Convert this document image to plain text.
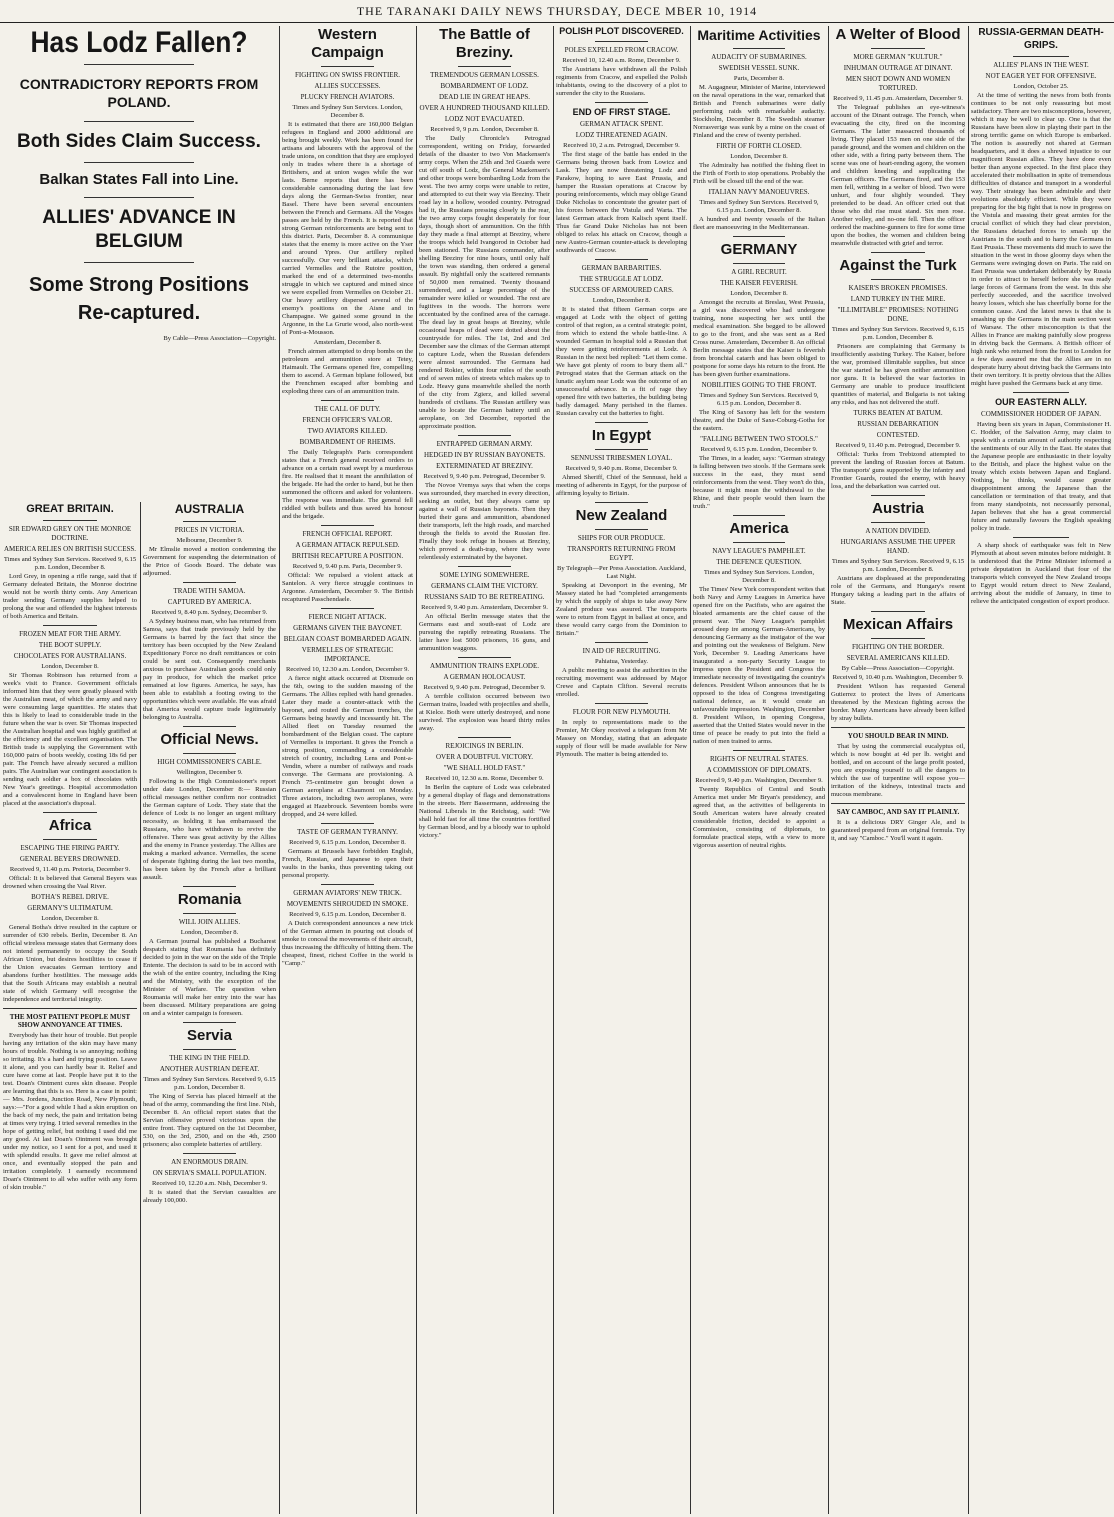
THE TARANAKI DAILY NEWS THURSDAY, DECE MBER 10, 1914
Has Lodz Fallen?
CONTRADICTORY REPORTS FROM POLAND.
Both Sides Claim Success.
Balkan States Fall into Line.
ALLIES' ADVANCE IN BELGIUM
Some Strong Positions Re-captured.
By Cable—Press Association—Copyright.
GREAT BRITAIN.
SIR EDWARD GREY ON THE MONROE DOCTRINE.
AMERICA RELIES ON BRITISH SUCCESS.
Times and Sydney Sun Services. Received 9, 6.15 p.m. London, December 8.

Lord Grey, in opening a rifle range, said that if Germany defeated Britain, the Monroe doctrine would not be worth thirty cents. Any American trader sending Germany supplies helped to prolong the war and offended the highest interests of both America and Britain.

FROZEN MEAT FOR THE ARMY.
THE BOOT SUPPLY.
CHOCOLATES FOR AUSTRALIANS.
London, December 8.

Sir Thomas Robinson has returned from a week's visit to France. Government officials informed him that they were greatly pleased with the Australian meat, of which the army and navy were consuming large quantities. He states that this is likely to lead to considerable trade in the future when the war is over. Sir Thomas inspected the Australian hospital and was highly gratified at the efficiency and the excellent organisation. The British trade is supplying the Government with 160,000 pairs of boots weekly, costing 18s 6d per pair. The French have already secured a million pairs. The Australian war contingent association is sending each soldier a box of chocolates with New Year's greetings. Hospital accommodation and a convalescent home in England have been placed at the association's disposal.

Africa
ESCAPING THE FIRING PARTY.
GENERAL BEYERS DROWNED.
Received 9, 11.40 p.m. Pretoria, December 9.

Official: It is believed that General Beyers was drowned when crossing the Vaal River.

BOTHA'S REBEL DRIVE.
GERMANY'S ULTIMATUM.
London, December 8.

General Botha's drive resulted in the capture or surrender of 630 rebels. Berlin, December 8. An official wireless message states that Germany does not intend permanently to occupy the South African Union, but desires hostilities to cease if the Union evacuates German territory and abandons further hostilities. The message adds that the South Africans may establish a neutral state of which Germany will recognise the independence and territorial integrity.

THE MOST PATIENT PEOPLE MUST SHOW ANNOYANCE AT TIMES.

Everybody has their hour of trouble. But people having any irritation of the skin may have many hours of trouble. Nothing is so annoying; nothing so irritating. It's a hard and trying position. Leave it alone, and you can hardly bear it. Relief and cure have come at last. People have put it to the test. Doan's Ointment cures skin disease. People are learning that this is so. Here is a case in point:— Mrs. Jordens, Junction Road, New Plymouth, says:—"For a good while I had a skin eruption on the back of my neck, the pain and irritation being at times very trying. I tried several remedies in the hope of getting relief, but nothing I used did me any good. At last Doan's Ointment was brought under my notice, so I sent for a pot, and used it with splendid results. It gave me relief almost at once, and eventually stopped the pain and irritation completely. I earnestly recommend Doan's Ointment to all who suffer with any form of skin trouble."

AUSTRALIA
PRICES IN VICTORIA.
Melbourne, December 9.

Mr Elmslie moved a motion condemning the Government for suspending the determination of the Price of Goods Board. The debate was adjourned.

TRADE WITH SAMOA.
CAPTURED BY AMERICA.
Received 9, 8.40 p.m. Sydney, December 9.

A Sydney business man, who has returned from Samoa, says that trade previously held by the Germans is barred by the fact that since the territory has been occupied by the New Zealand Expeditionary Force no draft remittances or coin could be sent out. Consequently merchants anxious to purchase Australian goods could only pay in produce, for which the market price remained at low figures. America, he says, has been able to establish a footing owing to the opportunities which were available. He was afraid that America would capture trade legitimately belonging to Australia.

Official News.
HIGH COMMISSIONER'S CABLE.
Wellington, December 9.

Following is the High Commissioner's report under date London, December 8:— Russian official messages neither confirm nor contradict the German capture of Lodz. They state that the defence of Lodz is no longer an urgent military necessity, as holding it has embarrassed the Russians, who have withdrawn to revive the offensive. There was great activity by the Allies and the enemy in France yesterday. The Allies are making a marked advance. Vermelles, the scene of desperate fighting during the last two months, has been taken by the French after a brilliant assault.

Romania
WILL JOIN ALLIES.
London, December 8.

A German journal has published a Bucharest despatch stating that Roumania has definitely decided to join in the war on the side of the Triple Entente. The decision is said to be in accord with the wish of the entire country, including the King and the Ministry, with the exception of the Minister of Warfare. The question when Roumania will make her entry into the war has been discussed. Military preparations are going on and a winter campaign is foreseen.

Servia
THE KING IN THE FIELD.
ANOTHER AUSTRIAN DEFEAT.
Times and Sydney Sun Services. Received 9, 6.15 p.m. London, December 8.

The King of Servia has placed himself at the head of the army, commanding the first line. Nish, December 8. An official report states that the Servian offensive proved victorious upon the entire front. They captured on the 1st December, 530, on the 3rd, 2500, and on the 4th, 2500 prisoners; also complete batteries of artillery.

AN ENORMOUS DRAIN.
ON SERVIA'S SMALL POPULATION.
Received 10, 12.20 a.m. Nish, December 9.

It is stated that the Servian casualties are already 100,000.

Western Campaign
FIGHTING ON SWISS FRONTIER.
ALLIES SUCCESSES.
PLUCKY FRENCH AVIATORS.
Times and Sydney Sun Services. London, December 8.

It is estimated that there are 160,000 Belgian refugees in England and 2000 additional are being brought weekly. Work has been found for artisans and labourers with the approval of the trade unions, on condition that they are employed only in trades where there is a shortage of Britishers, and at union wages while the war lasts. Berne reports that there has been considerable cannonading during the last few days along the German-Swiss frontier, near Basel. There have been several encounters between the French and Germans. All the Vosges passes are held by the French. It is reported that strong German reinforcements are being sent to this district. Paris, December 8. A communique states that the enemy is more active on the Yser and around Ypres. Our artillery replied successfully. Our very brilliant attacks, which carried Vermelles and the Rutoire position, marked the end of a determined two-months struggle in which we captured and mined since we were expelled from Vermelles on October 21. Our heavy artillery dispersed several of the enemy's positions on the Aisne and in Champagne. We gained some ground in the Argonne, in the La Grurie wood, also north-west of Pont-a-Mousson.

Amsterdam, December 8.

French airmen attempted to drop bombs on the petroleum and ammunition store at Tetey, Haimault. The Germans opened fire, compelling them to ascend. A German biplane followed, but the Frenchmen escaped after bombing and exploding three cars of an ammunition train.

THE CALL OF DUTY.
FRENCH OFFICER'S VALOR.
TWO AVIATORS KILLED.
BOMBARDMENT OF RHEIMS.

The Daily Telegraph's Paris correspondent states that a French general received orders to advance on a certain road swept by a murderous fire. He realised that it meant the annihilation of the brigade. He had the order to hand, but he then summoned the officers and asked for volunteers. The response was immediate. The general fell riddled with bullets and thus saved his honour and the brigade.

FRENCH OFFICIAL REPORT.
A GERMAN ATTACK REPULSED.
BRITISH RECAPTURE A POSITION.
Received 9, 9.40 p.m. Paris, December 9.

Official: We repulsed a violent attack at Santelon. A very fierce struggle continues in Argonne. Amsterdam, December 9. The British recaptured Passchendaele.

FIERCE NIGHT ATTACK.
GERMANS GIVEN THE BAYONET.
BELGIAN COAST BOMBARDED AGAIN.
VERMELLES OF STRATEGIC IMPORTANCE.
Received 10, 12.30 a.m. London, December 9.

A fierce night attack occurred at Dixmude on the 6th, owing to the sudden massing of the Germans. The Allies replied with hand grenades. Later they made a counter-attack with the bayonet, and routed the German trenches, the Germans being heavily and incessantly hit. The Allied fleet on Tuesday resumed the bombardment of the Belgian coast. The capture of Vermelles is important. It gives the French a strong position, commanding a considerable stretch of country, including Lens and Pont-a-Vendin, where a number of railways and roads converge. The Germans are provisioning. A French 75-centimetre gun brought down a German aeroplane at Chaumont on Monday. Three aviators, including two aeroplanes, were engaged at Hazebrouck. Seventeen bombs were dropped, and 24 were killed.

TASTE OF GERMAN TYRANNY.
Received 9, 6.15 p.m. London, December 8.

Germans at Brussels have forbidden English, French, Russian, and Japanese to open their vaults in the banks, thus preventing taking out personal property.

GERMAN AVIATORS' NEW TRICK.
MOVEMENTS SHROUDED IN SMOKE.
Received 9, 6.15 p.m. London, December 8.

A Dutch correspondent announces a new trick of the German airmen in pouring out clouds of smoke to conceal the movements of their aircraft, thus increasing the difficulty of hitting them. The cheapest, finest, richest Coffee in the world is "Camp."

The Battle of Breziny.
TREMENDOUS GERMAN LOSSES.
BOMBARDMENT OF LODZ.
DEAD LIE IN GREAT HEAPS.
OVER A HUNDRED THOUSAND KILLED.
LODZ NOT EVACUATED.
Received 9, 9 p.m. London, December 8.

The Daily Chronicle's Petrograd correspondent, writing on Friday, forwarded details of the disaster to two Von Mackensen's army corps. When the 25th and 3rd Guards were cut off south of Lodz, the General Mackensen's and other troops were bombarding Lodz from the west. The two army corps were unable to retire, and attempted to cut their way via Breziny. Their road lay in a hollow, wooded country. Petrograd had it, the Russians pressing closely in the rear, the two army corps fought desperately for four days, though short of ammunition. On the fifth day they made a final attempt at Breziny, where the troops which held Ivangorod in October had been stationed. The Russians commander, after shelling Breziny for nine hours, until only half the town was standing, then ordered a general assault. By nightfall only the scattered remnants of 50,000 men remained. Twenty thousand surrendered, and a large percentage of the remainder were killed or wounded. The rest are fugitives in the woods. The horrors were accentuated by the confined area of the carnage. The dead lay in great heaps at Breziny, while occasional heaps of dead were dotted about the countryside for miles. The 1st, 2nd and 3rd December saw the climax of the German attempt to capture Lodz, when the Russian defenders were almost surrounded. The Germans had rendered Rokier, within four miles of the south end of seven miles of streets which makes up to Lodz. Heavy guns meanwhile shelled the north of the city from Zgierz, and killed several hundreds of civilians. The Russian artillery was unable to locate the German battery until an aeroplane, on 3rd December, reported the approximate position.

ENTRAPPED GERMAN ARMY.
HEDGED IN BY RUSSIAN BAYONETS.
EXTERMINATED AT BREZINY.
Received 9, 9.40 p.m. Petrograd, December 9.

The Novoe Vremya says that when the corps was surrounded, they marched in every direction, seeking an outlet, but they always came up against a wall of Russian bayonets. Then they buried their guns and ammunition, abandoned their transports, left the high roads, and marched through the fields to avoid the Russian fire. Finally they took refuge in houses at Breziny, which proved a death-trap, where they were relentlessly exterminated by the bayonet.

SOME LYING SOMEWHERE.
GERMANS CLAIM THE VICTORY.
RUSSIANS SAID TO BE RETREATING.
Received 9, 9.40 p.m. Amsterdam, December 9.

An official Berlin message states that the Germans east and south-east of Lodz are pursuing the rapidly retreating Russians. The latter have lost 5000 prisoners, 16 guns, and ammunition waggons.

AMMUNITION TRAINS EXPLODE.
A GERMAN HOLOCAUST.
Received 9, 9.40 p.m. Petrograd, December 9.

A terrible collision occurred between two German trains, loaded with projectiles and shells, at Kielce. Both were utterly destroyed, and none survived. The explosion was heard thirty miles away.

REJOICINGS IN BERLIN.
OVER A DOUBTFUL VICTORY.
"WE SHALL HOLD FAST."
Received 10, 12.30 a.m. Rome, December 9.

In Berlin the capture of Lodz was celebrated by a general display of flags and demonstrations in the streets. Herr Bassermann, addressing the National Liberals in the Reichstag, said: "We shall hold fast for all time the countries fortified by German blood, and by a bloody war to uphold victory."

POLISH PLOT DISCOVERED.
POLES EXPELLED FROM CRACOW.
Received 10, 12.40 a.m. Rome, December 9.

The Austrians have withdrawn all the Polish regiments from Cracow, and expelled the Polish inhabitants, owing to the discovery of a plot to surrender the city to the Russians.

END OF FIRST STAGE.
GERMAN ATTACK SPENT.
LODZ THREATENED AGAIN.
Received 10, 2 a.m. Petrograd, December 9.

The first stage of the battle has ended in the Germans being thrown back from Lowicz and Lask. They are now threatening Lodz and Parakow, hoping to save East Prussia, and hamper the Russian operations at Cracow by pouring reinforcements, which may oblige Grand Duke Nicholas to concentrate the greater part of his forces between the Vistula and Warta. The latest German attack from Kalisch spent itself. Thus far Grand Duke Nicholas has not been obliged to relax his attack on Cracow, though a new Austro-German counter-attack is developing southwards of Cracow.

GERMAN BARBARITIES.
THE STRUGGLE AT LODZ.
SUCCESS OF ARMOURED CARS.
London, December 8.

It is stated that fifteen German corps are engaged at Lodz with the object of getting control of that region, as a central strategic point, from which to extend the whole battle-line. A wounded German in hospital told a Russian that they were getting reinforcements at Lodz. A Russian in the next bed replied: "Let them come. We have got plenty of room to bury them all." Petrograd states that the German attack on the lunatic asylum near Lodz was the outcome of an unsuccessful advance. In a fit of rage they opened fire with two batteries, the building being badly damaged. Many perished in the flames. Russian cavalry cut the batteries to fight.

In Egypt
SENNUSSI TRIBESMEN LOYAL.
Received 9, 9.40 p.m. Rome, December 9.

Ahmed Sheriff, Chief of the Sennussi, held a meeting of adherents in Egypt, for the purpose of affirming loyalty to Britain.

New Zealand
SHIPS FOR OUR PRODUCE.
TRANSPORTS RETURNING FROM EGYPT.
By Telegraph—Per Press Association. Auckland, Last Night.

Speaking at Devonport in the evening, Mr Massey stated he had "completed arrangements by which the supply of ships to take away New Zealand produce was assured. The transports were to return from Egypt in ballast at once, and these would carry cargo from the Dominion to Britain."

IN AID OF RECRUITING.
Pahiatua, Yesterday.

A public meeting to assist the authorities in the recruiting movement was addressed by Major Crewe and Captain Clifton. Several recruits enrolled.

FLOUR FOR NEW PLYMOUTH.

In reply to representations made to the Premier, Mr Okey received a telegram from Mr Massey on Monday, stating that an adequate supply of flour will be made available for New Plymouth. The matter is being attended to.

Maritime Activities
AUDACITY OF SUBMARINES.
SWEDISH VESSEL SUNK.
Paris, December 8.

M. Augagneur, Minister of Marine, interviewed on the naval operations in the war, remarked that British and French submarines were daily performing raids with remarkable audacity. Stockholm, December 8. The Swedish steamer Norrasverige was sunk by a mine on the coast of Finland and the crew of twenty perished.

FIRTH OF FORTH CLOSED.
London, December 8.

The Admiralty has notified the fishing fleet in the Firth of Forth to stop operations. Probably the Firth will be closed till the end of the war.

ITALIAN NAVY MANOEUVRES.
Times and Sydney Sun Services. Received 9, 6.15 p.m. London, December 8.

A hundred and twenty vessels of the Italian fleet are manoeuvring in the Mediterranean.

GERMANY
A GIRL RECRUIT.
THE KAISER FEVERISH.
London, December 8.

Amongst the recruits at Breslau, West Prussia, a girl was discovered who had undergone training, none suspecting her sex until the medical examination. She begged to be allowed to go to the front, and she was sent as a Red Cross nurse. Amsterdam, December 8. An official Berlin message states that the Kaiser is feverish from bronchial catarrh and has been obliged to postpone for some days his return to the front. He has been given further examinations.

NOBILITIES GOING TO THE FRONT.
Times and Sydney Sun Services. Received 9, 6.15 p.m. London, December 8.

The King of Saxony has left for the western theatre, and the Duke of Saxe-Coburg-Gotha for the eastern.

"FALLING BETWEEN TWO STOOLS."
Received 9, 6.15 p.m. London, December 9.

The Times, in a leader, says: "German strategy is falling between two stools. If the Germans seek success in the east, they must send reinforcements from the west. They won't do this, because it might mean the withdrawal to the Rhine, and their people would then learn the truth."

America
NAVY LEAGUE'S PAMPHLET.
THE DEFENCE QUESTION.
Times and Sydney Sun Services. London, December 8.

The Times' New York correspondent writes that both Navy and Army Leagues in America have opened fire on the Pacifists, who are against the bloated armaments are the chief cause of the present war. The Navy League's pamphlet aroused deep ire among German-Americans, by denouncing Germany as the instigator of the war and pointing out the weakness of Belgium. New York, December 9. Leading Americans have inaugurated a non-party Security League to impress upon the President and Congress the immediate necessity of investigating the country's defences. President Wilson announces that he is opposed to the idea of Congress investigating national defence, as it would create an unfavourable impression. Washington, December 8. President Wilson, in opening Congress, asserted that the United States would never in the time of peace be ready to put into the field a nation of men trained to arms.

RIGHTS OF NEUTRAL STATES.
A COMMISSION OF DIPLOMATS.
Received 9, 9.40 p.m. Washington, December 9.

Twenty Republics of Central and South America met under Mr Bryan's presidency, and agreed that, as the activities of belligerents in South American waters have already created considerable friction, decided to appoint a Commission, consisting of diplomats, to formulate practical steps, with a view to more vigorous assertion of neutral rights.

A Welter of Blood
MORE GERMAN "KULTUR."
INHUMAN OUTRAGE AT DINANT.
MEN SHOT DOWN AND WOMEN TORTURED.
Received 9, 11.45 p.m. Amsterdam, December 9.

The Telegraaf publishes an eye-witness's account of the Dinant outrage. The French, when evacuating the city, fired on the incoming Germans. The latter massacred thousands of living. They placed 153 men on one side of the parade ground, and the women and children on the other side, with a firing party between them. The scene was one of heart-rending agony, the women and children kneeling and supplicating the German officers. The Germans fired, and the 153 men fell, writhing in a welter of blood. Two were unhurt, and four slightly wounded. They pretended to be dead. An officer cried out that those who did rise must stand. Six men rose. Another volley, and no-one fell. Then the officer ordered the machine-gunners to fire for some time upon the bodies, the women and children being meanwhile distracted with grief and terror.

Against the Turk
KAISER'S BROKEN PROMISES.
LAND TURKEY IN THE MIRE.
"ILLIMITABLE" PROMISES: NOTHING DONE.
Times and Sydney Sun Services. Received 9, 6.15 p.m. London, December 8.

Prisoners are complaining that Germany is insufficiently assisting Turkey. The Kaiser, before the war, promised illimitable supplies, but since the war started he has given neither ammunition nor guns. It is believed the war factories in Germany are unable to produce insufficient quantities of material, and Bulgaria is not taking any risks, and has not delivered the stuff.

TURKS BEATEN AT BATUM.
RUSSIAN DEBARKATION
CONTESTED.
Received 9, 11.40 p.m. Petrograd, December 9.

Official: Turks from Trebizond attempted to prevent the landing of Russian forces at Batum. The transports' guns supported by the infantry and Frontier Guards, routed the enemy, with heavy loss, and the debarkation was carried out.

Austria
A NATION DIVIDED.
HUNGARIANS ASSUME THE UPPER HAND.
Times and Sydney Sun Services. Received 9, 6.15 p.m. London, December 8.

Austrians are displeased at the preponderating role of the Germans, and Hungary's resent Hungary taking a leading part in the affairs of State.

Mexican Affairs
FIGHTING ON THE BORDER.
SEVERAL AMERICANS KILLED.
By Cable—Press Association—Copyright.
Received 9, 10.40 p.m. Washington, December 9.

President Wilson has requested General Gutierrez to protect the lives of Americans threatened by the Mexican fighting across the border. Many Americans have already been killed by stray bullets.

YOU SHOULD BEAR IN MIND.

That by using the commercial eucalyptus oil, which is now bought at 4d per lb. weight and bottled, and on account of the large profit posted, you are exposing yourself to all the dangers to which the use of turpentine will expose you—irritation of the kidneys, intestinal tracts and mucous membrane.

SAY CAMBOC, AND SAY IT PLAINLY.

It is a delicious DRY Ginger Ale, and is guaranteed prepared from an original formula. Try it, and say "Camboc." You'll want it again.

RUSSIA-GERMAN DEATH-GRIPS.
ALLIES' PLANS IN THE WEST.
NOT EAGER YET FOR OFFENSIVE.
London, October 25.

At the time of writing the news from both fronts continues to be not only reassuring but most satisfactory. There are two misconceptions, however, which it may be well to clear up. One is that the Russians have been slow in playing their part in the strong terrific game on which Europe is embarked. The notion is assuredly not shared at German headquarters, and it does a shrewd injustice to our magnificent Russian allies. They have done even better than anyone expected. In the first place they accelerated their mobilisation in spite of tremendous difficulties of distance and transport in a wonderful way. Their strategy has been admirable and their evolutions absolutely efficient. While they were preparing for the big fight that is now in progress on the Vistula and massing their great armies for the crucial conflict of which they had clear prevision, the Russians detached forces to smash up the Austrians in the south and to harry the Germans in East Prussia. These movements did much to save the situation in the west in those gloomy days when the Germans were swinging down on Paris. The raid on East Prussia was undertaken deliberately by Russia in order to attract to herself before she was ready large forces of Germans from the west. In this she perfectly succeeded, and the sacrifice involved heavy losses, which she has cheerfully borne for the common cause. And the latest news is that she is smashing up the Germans in the main section west of Warsaw. The other misconception is that the Allies in France are making painfully slow progress in driving back the Germans. A British officer of high rank who returned from the front to London for a few days assured me that the Allies are in no desperate hurry about driving back the Germans into their own territory. It is pretty obvious that the Allies might have pushed the Germans back at any time.

OUR EASTERN ALLY.
COMMISSIONER HODDER OF JAPAN.

Having been six years in Japan, Commissioner H. C. Hodder, of the Salvation Army, may claim to speak with a certain amount of authority respecting the sentiments of our Ally in the East. He states that the Japanese people are enthusiastic in their loyalty to the British, and place the highest value on the treaty which exists between Japan and England. Nothing, he thinks, would cause greater disappointment among the Japanese than the cancellation or termination of that treaty, and that from many standpoints, not necessarily personal, Japan believes that she has a great commercial future and naturally favours the English speaking policy in trade.

A sharp shock of earthquake was felt in New Plymouth at about seven minutes before midnight. It is understood that the Prime Minister informed a private deputation in Auckland that four of the transports which conveyed the New Zealand troops to Egypt would return direct to New Zealand, arriving about the middle of January, in time to relieve the anticipated congestion of export produce.
